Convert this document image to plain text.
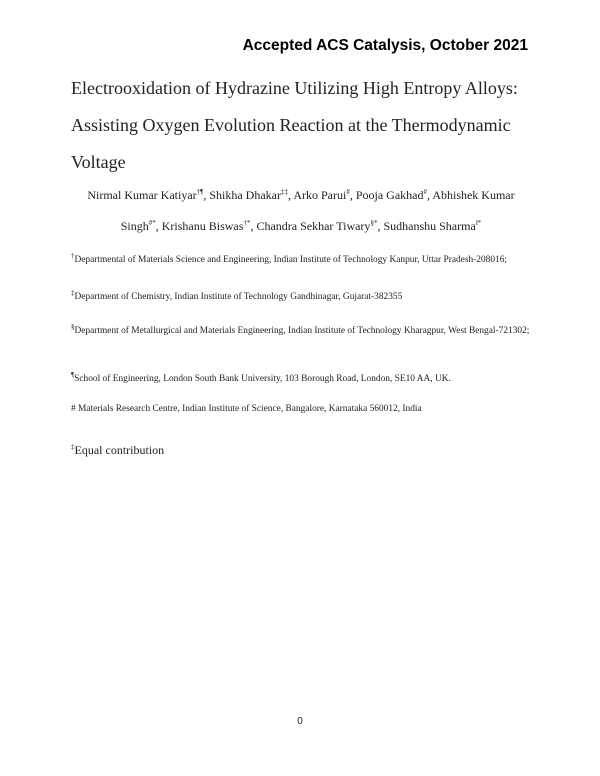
Accepted ACS Catalysis, October 2021
Electrooxidation of Hydrazine Utilizing High Entropy Alloys:
Assisting Oxygen Evolution Reaction at the Thermodynamic
Voltage
Nirmal Kumar Katiyar†¶, Shikha Dhakar‡‡, Arko Parui#, Pooja Gakhad#, Abhishek Kumar
Singh#*, Krishanu Biswas†*, Chandra Sekhar Tiwary§*, Sudhanshu Sharma‖*
†Departmental of Materials Science and Engineering, Indian Institute of Technology Kanpur, Uttar Pradesh-208016;
‡Department of Chemistry, Indian Institute of Technology Gandhinagar, Gujarat-382355
§Department of Metallurgical and Materials Engineering, Indian Institute of Technology Kharagpur, West Bengal-721302;
¶School of Engineering, London South Bank University, 103 Borough Road, London, SE10 AA, UK.
# Materials Research Centre, Indian Institute of Science, Bangalore, Karnataka 560012, India
‡Equal contribution
0
